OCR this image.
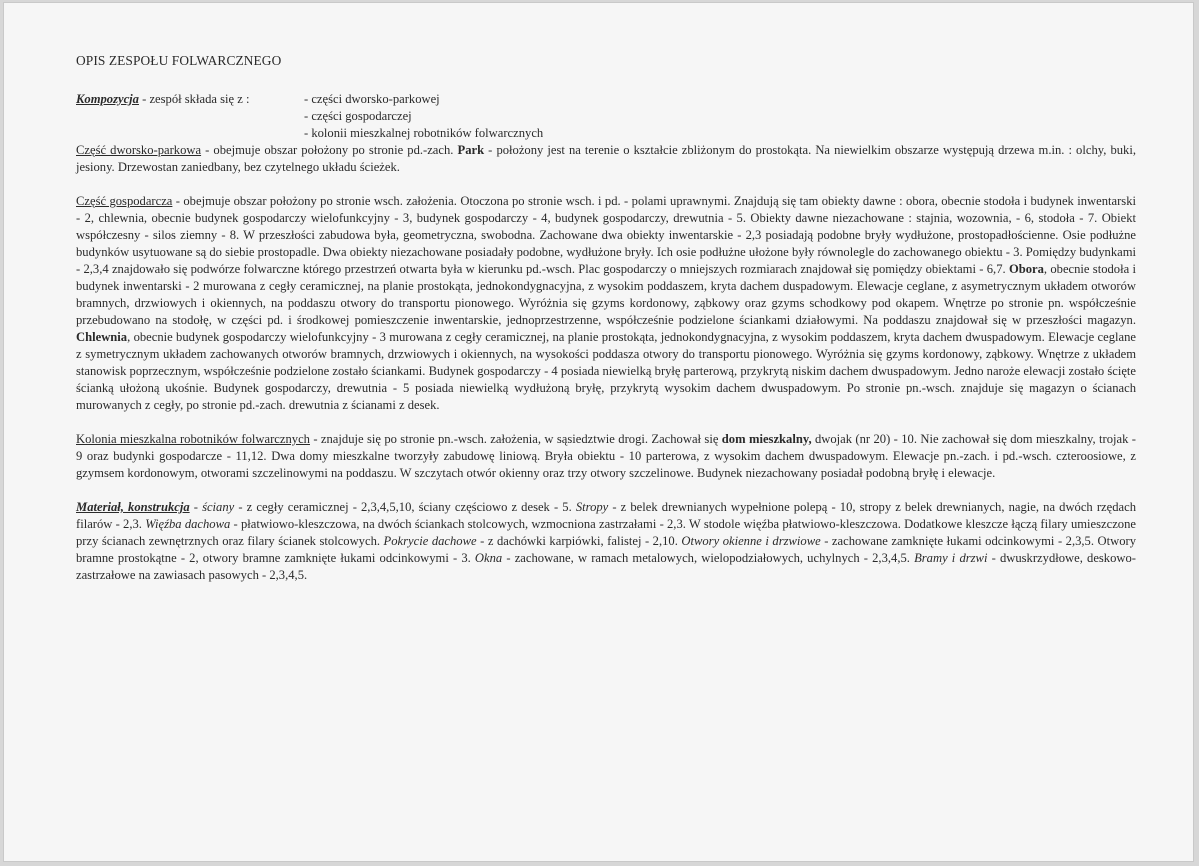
OPIS ZESPOŁU FOLWARCZNEGO
Kompozycja - zespół składa się z :	- części dworsko-parkowej
- części gospodarczej
- kolonii mieszkalnej robotników folwarcznych

Część dworsko-parkowa - obejmuje obszar położony po stronie pd.-zach. Park - położony jest na terenie o kształcie zbliżonym do prostokąta. Na niewielkim obszarze występują drzewa m.in. : olchy, buki, jesiony. Drzewostan zaniedbany, bez czytelnego układu ścieżek.

Część gospodarcza - obejmuje obszar położony po stronie wsch. założenia. Otoczona po stronie wsch. i pd. - polami uprawnymi. Znajdują się tam obiekty dawne : obora, obecnie stodoła i budynek inwentarski - 2, chlewnia, obecnie budynek gospodarczy wielofunkcyjny - 3, budynek gospodarczy - 4, budynek gospodarczy, drewutnia - 5. Obiekty dawne niezachowane : stajnia, wozownia, - 6, stodoła - 7. Obiekt współczesny - silos ziemny - 8. W przeszłości zabudowa była, geometryczna, swobodna. Zachowane dwa obiekty inwentarskie - 2,3 posiadają podobne bryły wydłużone, prostopadłościenne. Osie podłużne budynków usytuowane są do siebie prostopadle. Dwa obiekty niezachowane posiadały podobne, wydłużone bryły. Ich osie podłużne ułożone były równolegle do zachowanego obiektu - 3. Pomiędzy budynkami - 2,3,4 znajdowało się podwórze folwarczne którego przestrzeń otwarta była w kierunku pd.-wsch. Plac gospodarczy o mniejszych rozmiarach znajdował się pomiędzy obiektami - 6,7. Obora, obecnie stodoła i budynek inwentarski - 2 murowana z cegły ceramicznej, na planie prostokąta, jednokondygnacyjna, z wysokim poddaszem, kryta dachem duspadowym. Elewacje ceglane, z asymetrycznym układem otworów bramnych, drzwiowych i okiennych, na poddaszu otwory do transportu pionowego. Wyróżnia się gzyms kordonowy, ząbkowy oraz gzyms schodkowy pod okapem. Wnętrze po stronie pn. współcześnie przebudowano na stodołę, w części pd. i środkowej pomieszczenie inwentarskie, jednoprzestrzenne, współcześnie podzielone ściankami działowymi. Na poddaszu znajdował się w przeszłości magazyn. Chlewnia, obecnie budynek gospodarczy wielofunkcyjny - 3 murowana z cegły ceramicznej, na planie prostokąta, jednokondygnacyjna, z wysokim poddaszem, kryta dachem dwuspadowym. Elewacje ceglane z symetrycznym układem zachowanych otworów bramnych, drzwiowych i okiennych, na wysokości poddasza otwory do transportu pionowego. Wyróżnia się gzyms kordonowy, ząbkowy. Wnętrze z układem stanowisk poprzecznym, współcześnie podzielone zostało ściankami. Budynek gospodarczy - 4 posiada niewielką bryłę parterową, przykrytą niskim dachem dwuspadowym. Jedno naroże elewacji zostało ścięte ścianką ułożoną ukośnie. Budynek gospodarczy, drewutnia - 5 posiada niewielką wydłużoną bryłę, przykrytą wysokim dachem dwuspadowym. Po stronie pn.-wsch. znajduje się magazyn o ścianach murowanych z cegły, po stronie pd.-zach. drewutnia z ścianami z desek.

Kolonia mieszkalna robotników folwarcznych - znajduje się po stronie pn.-wsch. założenia, w sąsiedztwie drogi. Zachował się dom mieszkalny, dwojak (nr 20) - 10. Nie zachował się dom mieszkalny, trojak - 9 oraz budynki gospodarcze - 11,12. Dwa domy mieszkalne tworzyły zabudowę liniową. Bryła obiektu - 10 parterowa, z wysokim dachem dwuspadowym. Elewacje pn.-zach. i pd.-wsch. czteroosiowe, z gzymsem kordonowym, otworami szczelinowymi na poddaszu. W szczytach otwór okienny oraz trzy otwory szczelinowe. Budynek niezachowany posiadał podobną bryłę i elewacje.

Materiał, konstrukcja - ściany - z cegły ceramicznej - 2,3,4,5,10, ściany częściowo z desek - 5. Stropy - z belek drewnianych wypełnione polepą - 10, stropy z belek drewnianych, nagie, na dwóch rzędach filarów - 2,3. Więźba dachowa - płatwiowo-kleszczowa, na dwóch ściankach stolcowych, wzmocniona zastrzałami - 2,3. W stodole więźba płatwiowo-kleszczowa. Dodatkowe kleszcze łączą filary umieszczone przy ścianach zewnętrznych oraz filary ścianek stolcowych. Pokrycie dachowe - z dachówki karpiówki, falistej - 2,10. Otwory okienne i drzwiowe - zachowane zamknięte łukami odcinkowymi - 2,3,5. Otwory bramne prostokątne - 2, otwory bramne zamknięte łukami odcinkowymi - 3. Okna - zachowane, w ramach metalowych, wielopodziałowych, uchylnych - 2,3,4,5. Bramy i drzwi - dwuskrzydłowe, deskowo-zastrzałowe na zawiasach pasowych - 2,3,4,5.
